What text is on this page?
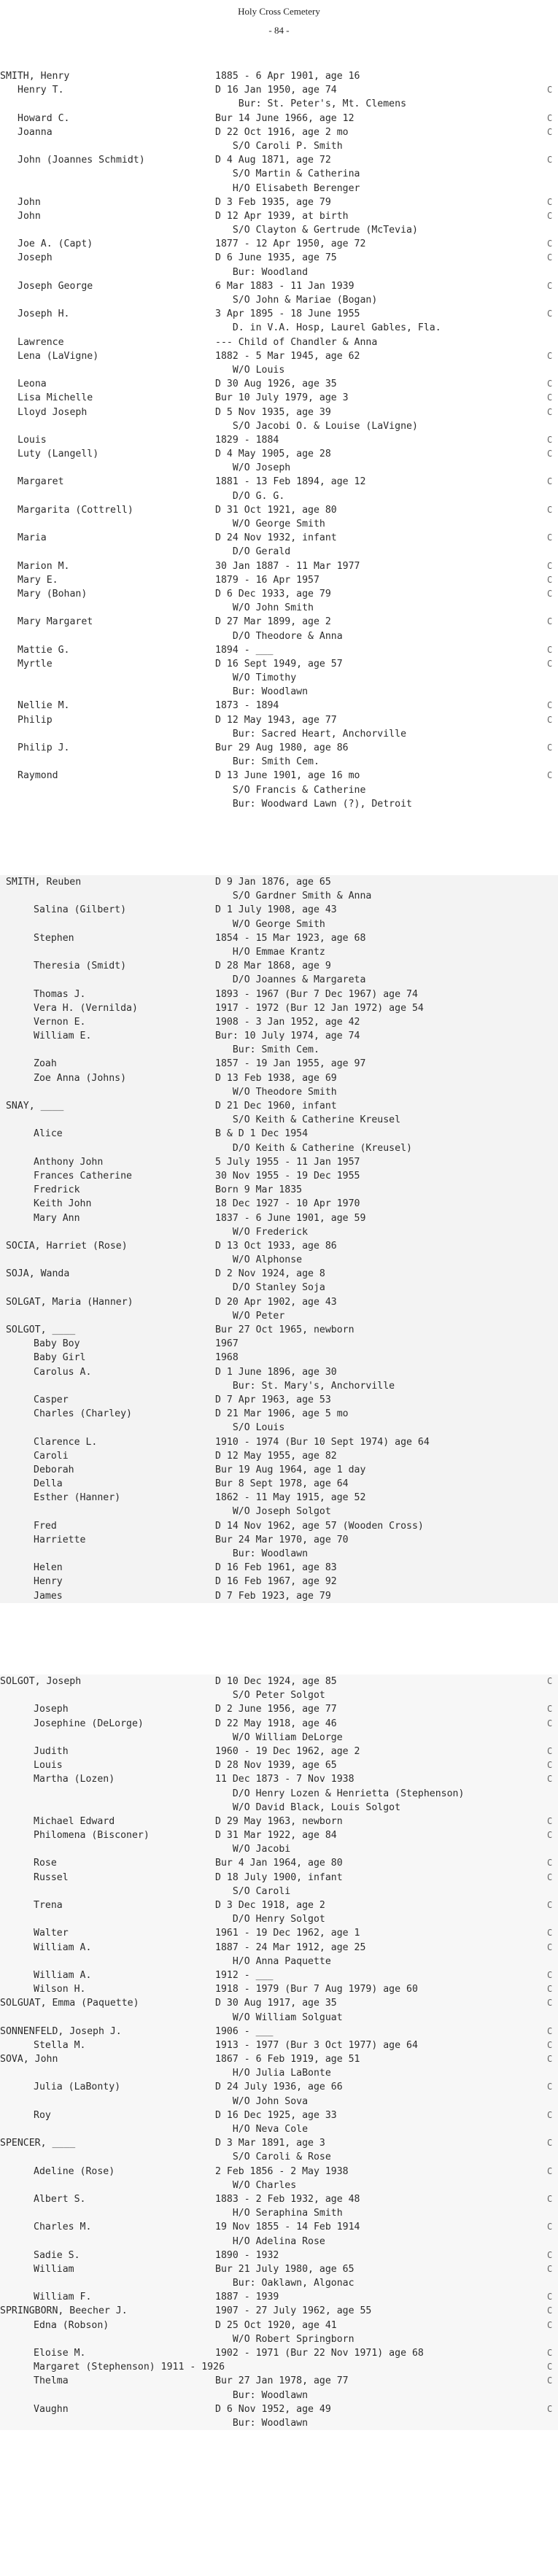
Holy Cross Cemetery
- 84 -
SMITH, Henry	1885 - 6 Apr 1901, age 16
Henry T.	D 16 Jan 1950, age 74	C
Bur: St. Peter's, Mt. Clemens
Howard C.	Bur 14 June 1966, age 12	C
Joanna	D 22 Oct 1916, age 2 mo	C
S/O Caroli P. Smith
John (Joannes Schmidt)	D 4 Aug 1871, age 72	C
S/O Martin & Catherina
H/O Elisabeth Berenger
John	D 3 Feb 1935, age 79	C
John	D 12 Apr 1939, at birth	C
S/O Clayton & Gertrude (McTevia)
Joe A. (Capt)	1877 - 12 Apr 1950, age 72	C
Joseph	D 6 June 1935, age 75	C
Bur: Woodland
Joseph George	6 Mar 1883 - 11 Jan 1939	C
S/O John & Mariae (Bogan)
Joseph H.	3 Apr 1895 - 18 June 1955	C
D. in V.A. Hosp, Laurel Gables, Fla.
Lawrence	--- Child of Chandler & Anna
Lena (LaVigne)	1882 - 5 Mar 1945, age 62	C
W/O Louis
Leona	D 30 Aug 1926, age 35	C
Lisa Michelle	Bur 10 July 1979, age 3	C
Lloyd Joseph	D 5 Nov 1935, age 39	C
S/O Jacobi O. & Louise (LaVigne)
Louis	1829 - 1884	C
Luty (Langell)	D 4 May 1905, age 28	C
W/O Joseph
Margaret	1881 - 13 Feb 1894, age 12	C
D/O G. G.
Margarita (Cottrell)	D 31 Oct 1921, age 80	C
W/O George Smith
Maria	D 24 Nov 1932, infant	C
D/O Gerald
Marion M.	30 Jan 1887 - 11 Mar 1977	C
Mary E.	1879 - 16 Apr 1957	C
Mary (Bohan)	D 6 Dec 1933, age 79	C
W/O John Smith
Mary Margaret	D 27 Mar 1899, age 2	C
D/O Theodore & Anna
Mattie G.	1894 - ___	C
Myrtle	D 16 Sept 1949, age 57	C
W/O Timothy
Bur: Woodlawn
Nellie M.	1873 - 1894	C
Philip	D 12 May 1943, age 77	C
Bur: Sacred Heart, Anchorville
Philip J.	Bur 29 Aug 1980, age 86	C
Bur: Smith Cem.
Raymond	D 13 June 1901, age 16 mo	C
S/O Francis & Catherine
Bur: Woodward Lawn (?), Detroit
SMITH, Reuben	D 9 Jan 1876, age 65
S/O Gardner Smith & Anna
Salina (Gilbert)	D 1 July 1908, age 43
W/O George Smith
Stephen	1854 - 15 Mar 1923, age 68
H/O Emmae Krantz
Theresia (Smidt)	D 28 Mar 1868, age 9
D/O Joannes & Margareta
Thomas J.	1893 - 1967 (Bur 7 Dec 1967) age 74
Vera H. (Vernilda)	1917 - 1972 (Bur 12 Jan 1972) age 54
Vernon E.	1908 - 3 Jan 1952, age 42
William E.	Bur: 10 July 1974, age 74
Bur: Smith Cem.
Zoah	1857 - 19 Jan 1955, age 97
Zoe Anna (Johns)	D 13 Feb 1938, age 69
W/O Theodore Smith
SNAY, ____	D 21 Dec 1960, infant
S/O Keith & Catherine Kreusel
Alice	B & D 1 Dec 1954
D/O Keith & Catherine (Kreusel)
Anthony John	5 July 1955 - 11 Jan 1957
Frances Catherine	30 Nov 1955 - 19 Dec 1955
Fredrick	Born 9 Mar 1835
Keith John	18 Dec 1927 - 10 Apr 1970
Mary Ann	1837 - 6 June 1901, age 59
W/O Frederick
SOCIA, Harriet (Rose)	D 13 Oct 1933, age 86
W/O Alphonse
SOJA, Wanda	D 2 Nov 1924, age 8
D/O Stanley Soja
SOLGAT, Maria (Hanner)	D 20 Apr 1902, age 43
W/O Peter
SOLGOT, ____	Bur 27 Oct 1965, newborn
Baby Boy	1967
Baby Girl	1968
Carolus A.	D 1 June 1896, age 30
Bur: St. Mary's, Anchorville
Casper	D 7 Apr 1963, age 53
Charles (Charley)	D 21 Mar 1906, age 5 mo
S/O Louis
Clarence L.	1910 - 1974 (Bur 10 Sept 1974) age 64
Caroli	D 12 May 1955, age 82
Deborah	Bur 19 Aug 1964, age 1 day
Della	Bur 8 Sept 1978, age 64
Esther (Hanner)	1862 - 11 May 1915, age 52
W/O Joseph Solgot
Fred	D 14 Nov 1962, age 57 (Wooden Cross)
Harriette	Bur 24 Mar 1970, age 70
Bur: Woodlawn
Helen	D 16 Feb 1961, age 83
Henry	D 16 Feb 1967, age 92
James	D 7 Feb 1923, age 79
SOLGOT, Joseph	D 10 Dec 1924, age 85	C
S/O Peter Solgot
Joseph	D 2 June 1956, age 77	C
Josephine (DeLorge)	D 22 May 1918, age 46	C
W/O William DeLorge
Judith	1960 - 19 Dec 1962, age 2	C
Louis	D 28 Nov 1939, age 65	C
Martha (Lozen)	11 Dec 1873 - 7 Nov 1938	C
D/O Henry Lozen & Henrietta (Stephenson)
W/O David Black, Louis Solgot
Michael Edward	D 29 May 1963, newborn	C
Philomena (Bisconer)	D 31 Mar 1922, age 84	C
W/O Jacobi
Rose	Bur 4 Jan 1964, age 80	C
Russel	D 18 July 1900, infant	C
S/O Caroli
Trena	D 3 Dec 1918, age 2	C
D/O Henry Solgot
Walter	1961 - 19 Dec 1962, age 1	C
William A.	1887 - 24 Mar 1912, age 25	C
H/O Anna Paquette
William A.	1912 - ___	C
Wilson H.	1918 - 1979 (Bur 7 Aug 1979) age 60	C
SOLGUAT, Emma (Paquette)	D 30 Aug 1917, age 35	C
W/O William Solguat
SONNENFELD, Joseph J.	1906 - ___	C
Stella M.	1913 - 1977 (Bur 3 Oct 1977) age 64	C
SOVA, John	1867 - 6 Feb 1919, age 51	C
H/O Julia LaBonte
Julia (LaBonty)	D 24 July 1936, age 66	C
W/O John Sova
Roy	D 16 Dec 1925, age 33	C
H/O Neva Cole
SPENCER, ____	D 3 Mar 1891, age 3	C
S/O Caroli & Rose
Adeline (Rose)	2 Feb 1856 - 2 May 1938	C
W/O Charles
Albert S.	1883 - 2 Feb 1932, age 48	C
H/O Seraphina Smith
Charles M.	19 Nov 1855 - 14 Feb 1914	C
H/O Adelina Rose
Sadie S.	1890 - 1932	C
William	Bur 21 July 1980, age 65	C
Bur: Oaklawn, Algonac
William F.	1887 - 1939	C
SPRINGBORN, Beecher J.	1907 - 27 July 1962, age 55	C
Edna (Robson)	D 25 Oct 1920, age 41	C
W/O Robert Springborn
Eloise M.	1902 - 1971 (Bur 22 Nov 1971) age 68	C
Margaret (Stephenson) 1911 - 1926	C
Thelma	Bur 27 Jan 1978, age 77	C
Bur: Woodlawn
Vaughn	D 6 Nov 1952, age 49	C
Bur: Woodlawn
